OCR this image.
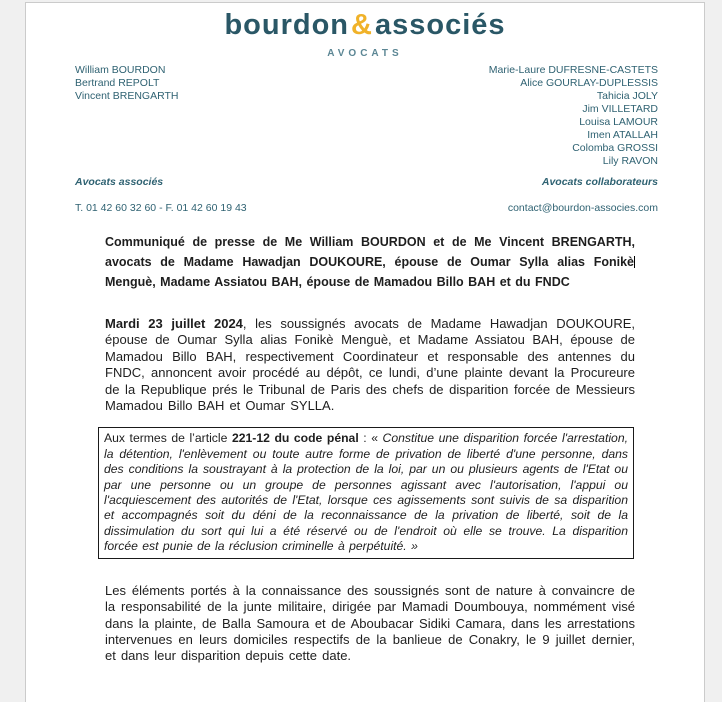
bourdon&associés
AVOCATS
William BOURDON
Bertrand REPOLT
Vincent BRENGARTH
Marie-Laure DUFRESNE-CASTETS
Alice GOURLAY-DUPLESSIS
Tahicia JOLY
Jim VILLETARD
Louisa LAMOUR
Imen ATALLAH
Colomba GROSSI
Lily RAVON
Avocats associés	Avocats collaborateurs
T. 01 42 60 32 60 - F. 01 42 60 19 43	contact@bourdon-associes.com

Communiqué de presse de Me William BOURDON et de Me Vincent BRENGARTH, avocats de Madame Hawadjan DOUKOURE, épouse de Oumar Sylla alias FonikèMenguè, Madame Assiatou BAH, épouse de Mamadou Billo BAH et du FNDC

Mardi 23 juillet 2024, les soussignés avocats de Madame Hawadjan DOUKOURE, épouse de Oumar Sylla alias Fonikè Menguè, et Madame Assiatou BAH, épouse de Mamadou Billo BAH, respectivement Coordinateur et responsable des antennes du FNDC, annoncent avoir procédé au dépôt, ce lundi, d’une plainte devant la Procureure de la Republique prés le Tribunal de Paris des chefs de disparition forcée de Messieurs Mamadou Billo BAH et Oumar SYLLA.

Aux termes de l’article 221-12 du code pénal : « Constitue une disparition forcée l'arrestation, la détention, l'enlèvement ou toute autre forme de privation de liberté d'une personne, dans des conditions la soustrayant à la protection de la loi, par un ou plusieurs agents de l'Etat ou par une personne ou un groupe de personnes agissant avec l'autorisation, l'appui ou l'acquiescement des autorités de l'Etat, lorsque ces agissements sont suivis de sa disparition et accompagnés soit du déni de la reconnaissance de la privation de liberté, soit de la dissimulation du sort qui lui a été réservé ou de l'endroit où elle se trouve. La disparition forcée est punie de la réclusion criminelle à perpétuité. »

Les éléments portés à la connaissance des soussignés sont de nature à convaincre de la responsabilité de la junte militaire, dirigée par Mamadi Doumbouya, nommément visé dans la plainte, de Balla Samoura et de Aboubacar Sidiki Camara, dans les arrestations intervenues en leurs domiciles respectifs de la banlieue de Conakry, le 9 juillet dernier, et dans leur disparition depuis cette date.
